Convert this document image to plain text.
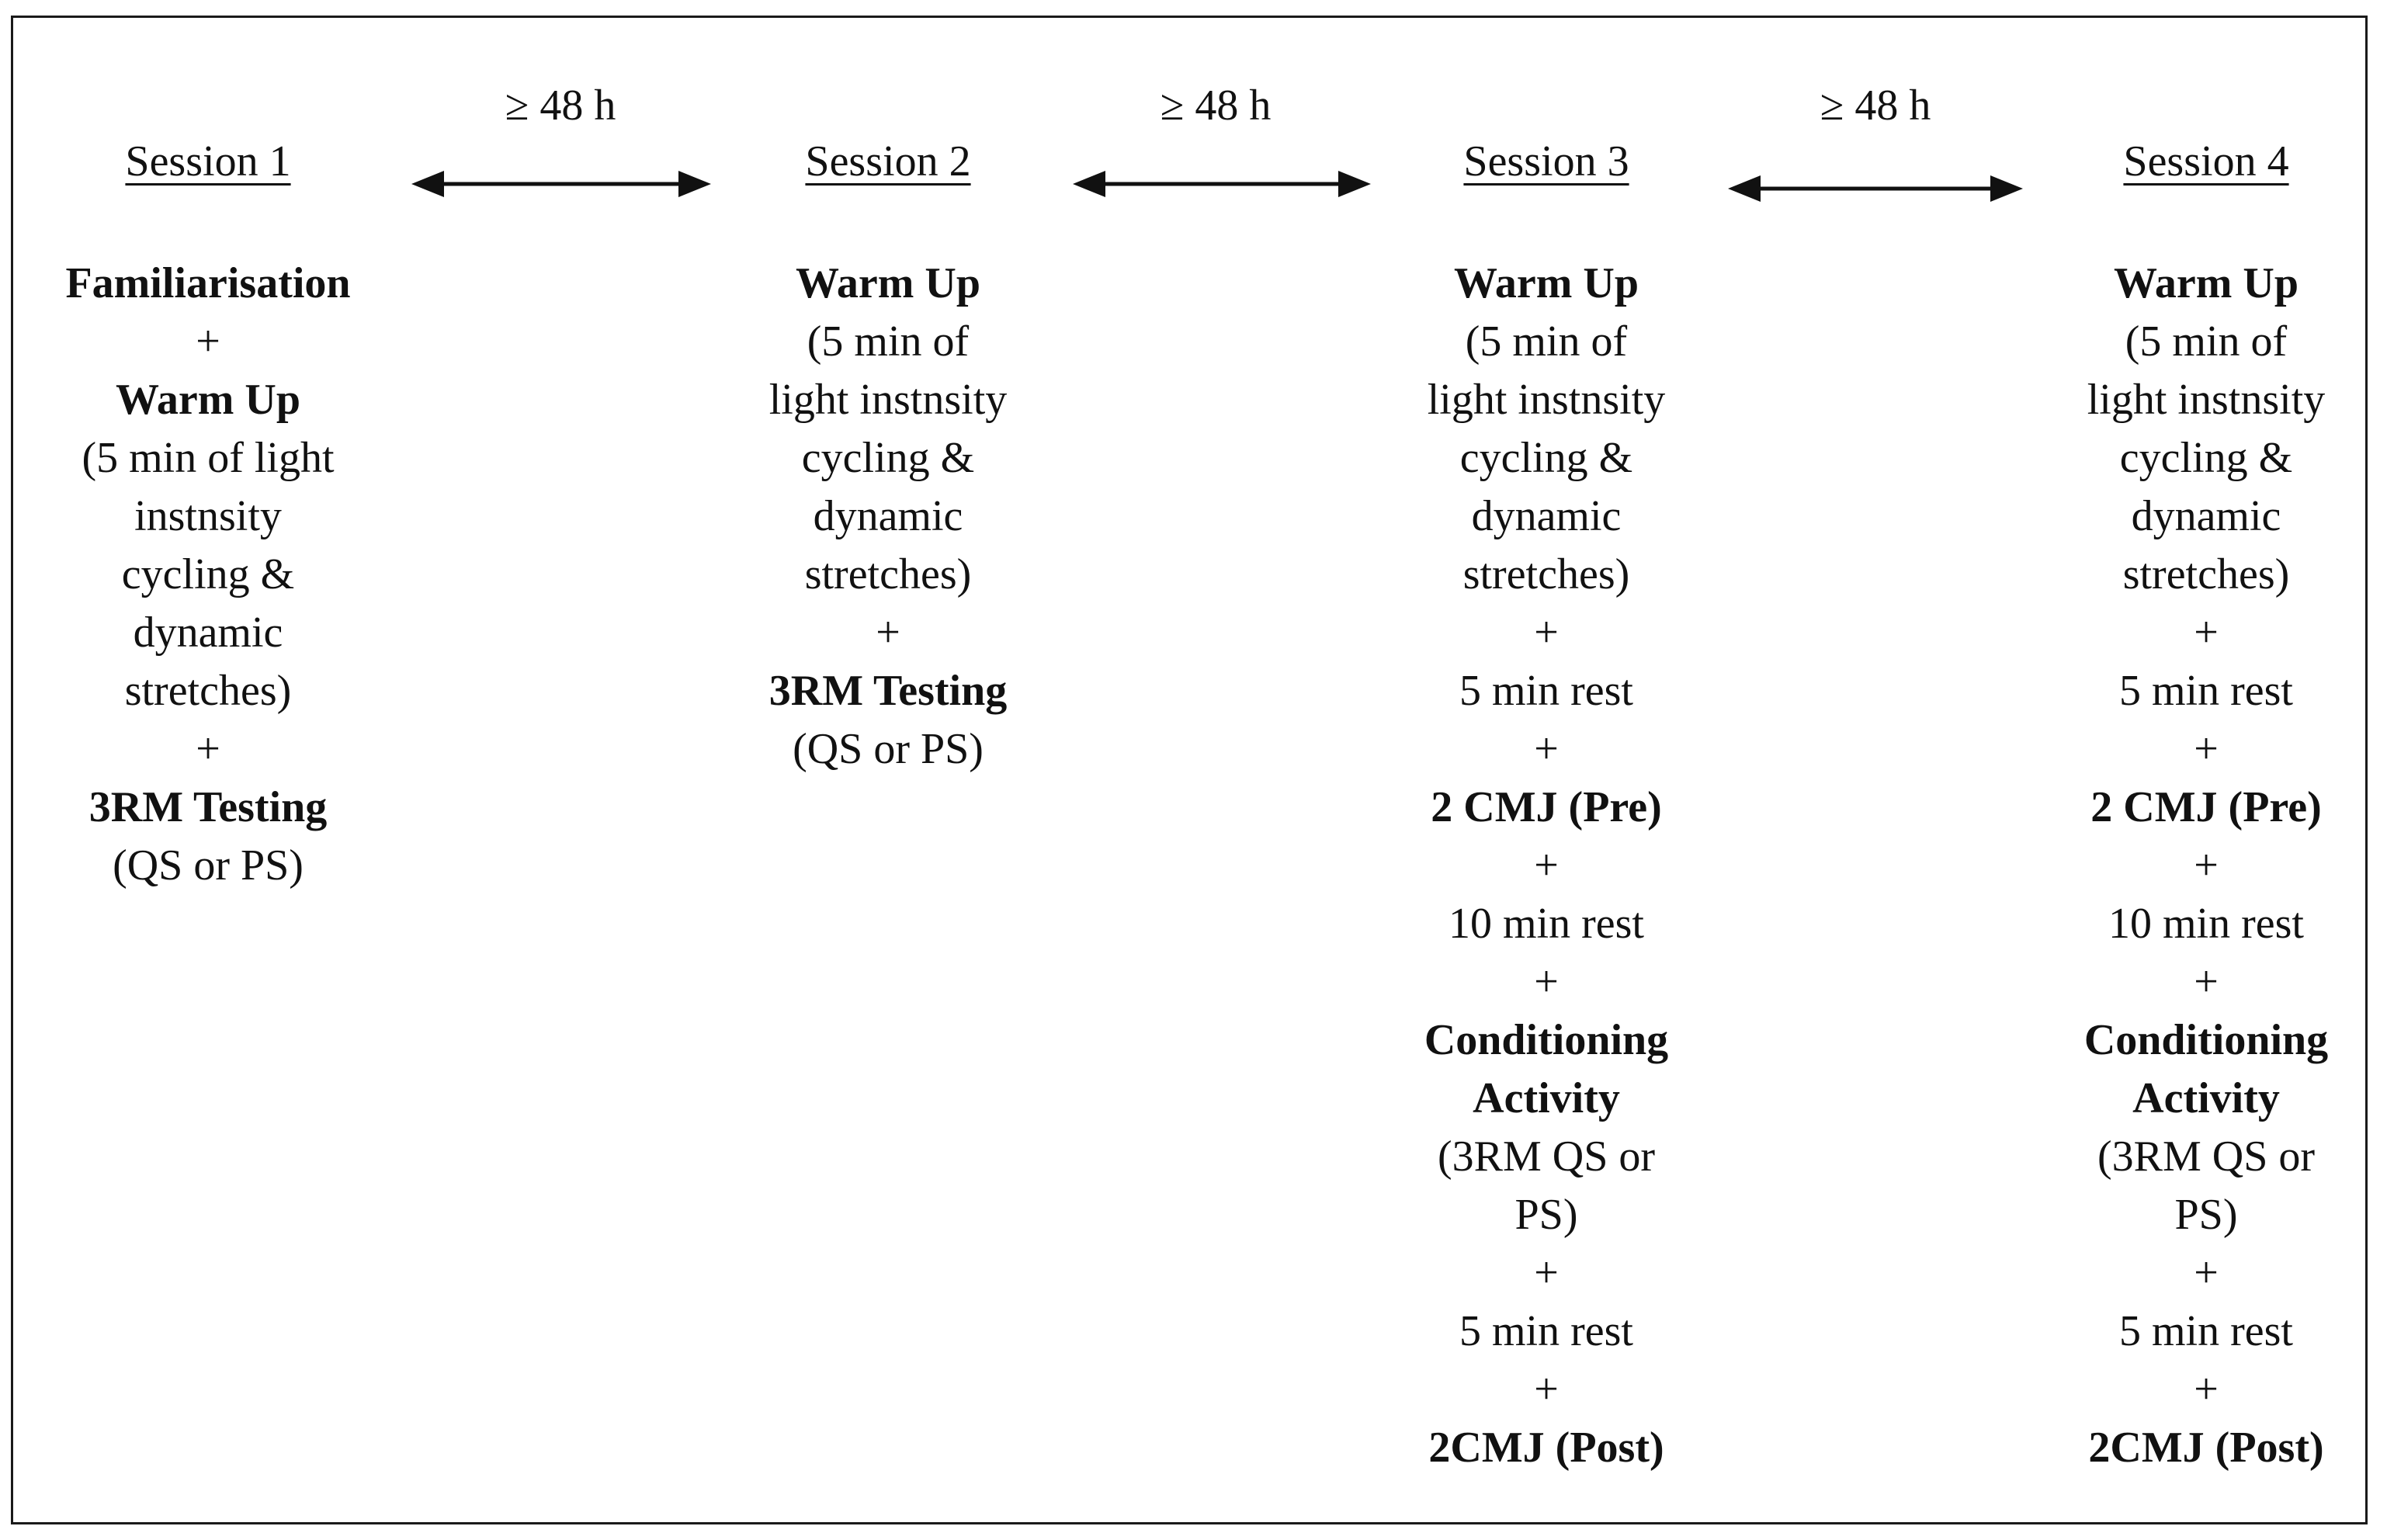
Session 1	Session 2	Session 3	Session 4
≥ 48 h	≥ 48 h	≥ 48 h
Familiarisation
+
Warm Up
(5 min of light
instnsity
cycling &
dynamic
stretches)
+
3RM Testing
(QS or PS)
Warm Up
(5 min of
light instnsity
cycling &
dynamic
stretches)
+
3RM Testing
(QS or PS)
Warm Up
(5 min of
light instnsity
cycling &
dynamic
stretches)
+
5 min rest
+
2 CMJ (Pre)
+
10 min rest
+
Conditioning
Activity
(3RM QS or
PS)
+
5 min rest
+
2CMJ (Post)
Warm Up
(5 min of
light instnsity
cycling &
dynamic
stretches)
+
5 min rest
+
2 CMJ (Pre)
+
10 min rest
+
Conditioning
Activity
(3RM QS or
PS)
+
5 min rest
+
2CMJ (Post)
